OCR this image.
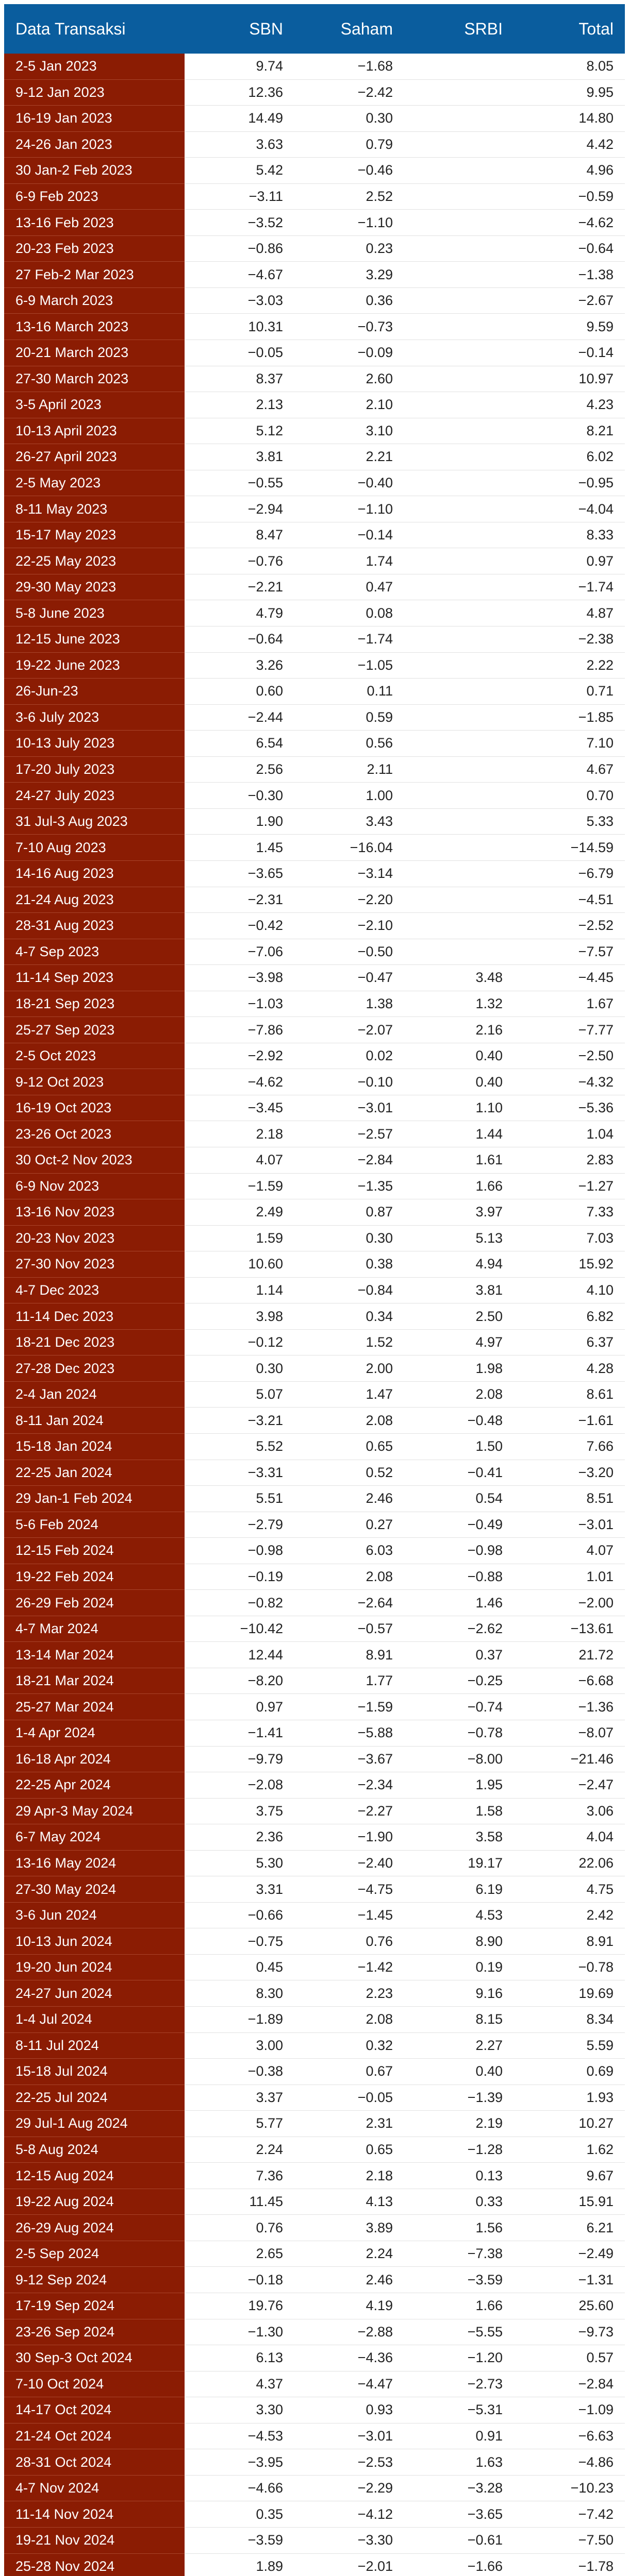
Data Transaksi	SBN	Saham	SRBI	Total
2-5 Jan 2023	9.74	−1.68		8.05
9-12 Jan 2023	12.36	−2.42		9.95
16-19 Jan 2023	14.49	0.30		14.80
24-26 Jan 2023	3.63	0.79		4.42
30 Jan-2 Feb 2023	5.42	−0.46		4.96
6-9 Feb 2023	−3.11	2.52		−0.59
13-16 Feb 2023	−3.52	−1.10		−4.62
20-23 Feb 2023	−0.86	0.23		−0.64
27 Feb-2 Mar 2023	−4.67	3.29		−1.38
6-9 March 2023	−3.03	0.36		−2.67
13-16 March 2023	10.31	−0.73		9.59
20-21 March 2023	−0.05	−0.09		−0.14
27-30 March 2023	8.37	2.60		10.97
3-5 April 2023	2.13	2.10		4.23
10-13 April 2023	5.12	3.10		8.21
26-27 April 2023	3.81	2.21		6.02
2-5 May 2023	−0.55	−0.40		−0.95
8-11 May 2023	−2.94	−1.10		−4.04
15-17 May 2023	8.47	−0.14		8.33
22-25 May 2023	−0.76	1.74		0.97
29-30 May 2023	−2.21	0.47		−1.74
5-8 June 2023	4.79	0.08		4.87
12-15 June 2023	−0.64	−1.74		−2.38
19-22 June 2023	3.26	−1.05		2.22
26-Jun-23	0.60	0.11		0.71
3-6 July 2023	−2.44	0.59		−1.85
10-13 July 2023	6.54	0.56		7.10
17-20 July 2023	2.56	2.11		4.67
24-27 July 2023	−0.30	1.00		0.70
31 Jul-3 Aug 2023	1.90	3.43		5.33
7-10 Aug 2023	1.45	−16.04		−14.59
14-16 Aug 2023	−3.65	−3.14		−6.79
21-24 Aug 2023	−2.31	−2.20		−4.51
28-31 Aug 2023	−0.42	−2.10		−2.52
4-7 Sep 2023	−7.06	−0.50		−7.57
11-14 Sep 2023	−3.98	−0.47	3.48	−4.45
18-21 Sep 2023	−1.03	1.38	1.32	1.67
25-27 Sep 2023	−7.86	−2.07	2.16	−7.77
2-5 Oct 2023	−2.92	0.02	0.40	−2.50
9-12 Oct 2023	−4.62	−0.10	0.40	−4.32
16-19 Oct 2023	−3.45	−3.01	1.10	−5.36
23-26 Oct 2023	2.18	−2.57	1.44	1.04
30 Oct-2 Nov 2023	4.07	−2.84	1.61	2.83
6-9 Nov 2023	−1.59	−1.35	1.66	−1.27
13-16 Nov 2023	2.49	0.87	3.97	7.33
20-23 Nov 2023	1.59	0.30	5.13	7.03
27-30 Nov 2023	10.60	0.38	4.94	15.92
4-7 Dec 2023	1.14	−0.84	3.81	4.10
11-14 Dec 2023	3.98	0.34	2.50	6.82
18-21 Dec 2023	−0.12	1.52	4.97	6.37
27-28 Dec 2023	0.30	2.00	1.98	4.28
2-4 Jan 2024	5.07	1.47	2.08	8.61
8-11 Jan 2024	−3.21	2.08	−0.48	−1.61
15-18 Jan 2024	5.52	0.65	1.50	7.66
22-25 Jan 2024	−3.31	0.52	−0.41	−3.20
29 Jan-1 Feb 2024	5.51	2.46	0.54	8.51
5-6 Feb 2024	−2.79	0.27	−0.49	−3.01
12-15 Feb 2024	−0.98	6.03	−0.98	4.07
19-22 Feb 2024	−0.19	2.08	−0.88	1.01
26-29 Feb 2024	−0.82	−2.64	1.46	−2.00
4-7 Mar 2024	−10.42	−0.57	−2.62	−13.61
13-14 Mar 2024	12.44	8.91	0.37	21.72
18-21 Mar 2024	−8.20	1.77	−0.25	−6.68
25-27 Mar 2024	0.97	−1.59	−0.74	−1.36
1-4 Apr 2024	−1.41	−5.88	−0.78	−8.07
16-18 Apr 2024	−9.79	−3.67	−8.00	−21.46
22-25 Apr 2024	−2.08	−2.34	1.95	−2.47
29 Apr-3 May 2024	3.75	−2.27	1.58	3.06
6-7 May 2024	2.36	−1.90	3.58	4.04
13-16 May 2024	5.30	−2.40	19.17	22.06
27-30 May 2024	3.31	−4.75	6.19	4.75
3-6 Jun 2024	−0.66	−1.45	4.53	2.42
10-13 Jun 2024	−0.75	0.76	8.90	8.91
19-20 Jun 2024	0.45	−1.42	0.19	−0.78
24-27 Jun 2024	8.30	2.23	9.16	19.69
1-4 Jul 2024	−1.89	2.08	8.15	8.34
8-11 Jul 2024	3.00	0.32	2.27	5.59
15-18 Jul 2024	−0.38	0.67	0.40	0.69
22-25 Jul 2024	3.37	−0.05	−1.39	1.93
29 Jul-1 Aug 2024	5.77	2.31	2.19	10.27
5-8 Aug 2024	2.24	0.65	−1.28	1.62
12-15 Aug 2024	7.36	2.18	0.13	9.67
19-22 Aug 2024	11.45	4.13	0.33	15.91
26-29 Aug 2024	0.76	3.89	1.56	6.21
2-5 Sep 2024	2.65	2.24	−7.38	−2.49
9-12 Sep 2024	−0.18	2.46	−3.59	−1.31
17-19 Sep 2024	19.76	4.19	1.66	25.60
23-26 Sep 2024	−1.30	−2.88	−5.55	−9.73
30 Sep-3 Oct 2024	6.13	−4.36	−1.20	0.57
7-10 Oct 2024	4.37	−4.47	−2.73	−2.84
14-17 Oct 2024	3.30	0.93	−5.31	−1.09
21-24 Oct 2024	−4.53	−3.01	0.91	−6.63
28-31 Oct 2024	−3.95	−2.53	1.63	−4.86
4-7 Nov 2024	−4.66	−2.29	−3.28	−10.23
11-14 Nov 2024	0.35	−4.12	−3.65	−7.42
19-21 Nov 2024	−3.59	−3.30	−0.61	−7.50
25-28 Nov 2024	1.89	−2.01	−1.66	−1.78
